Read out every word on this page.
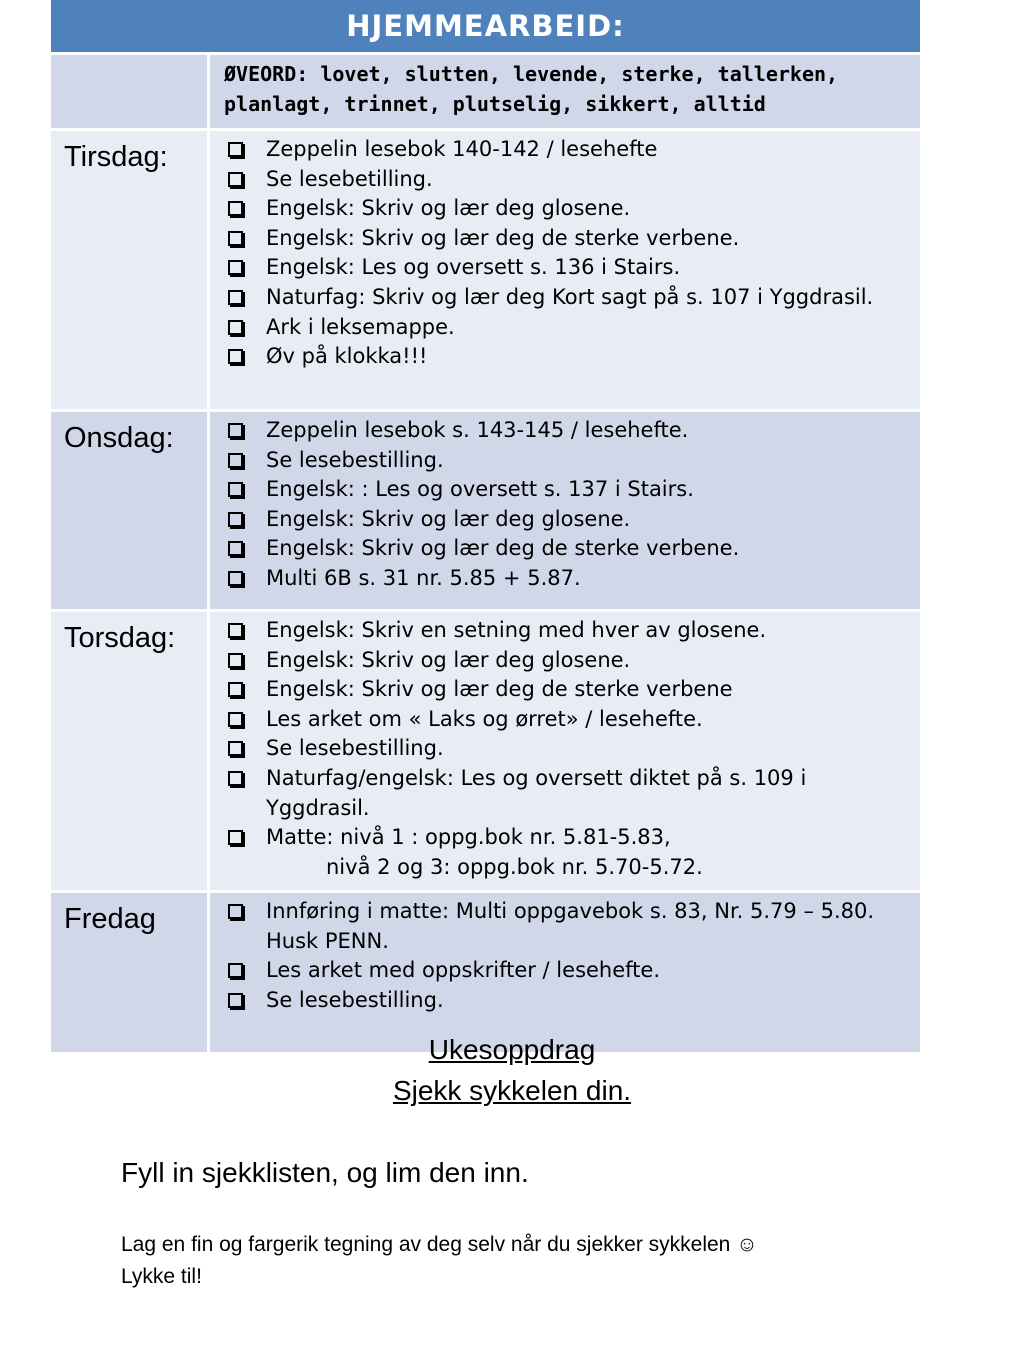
HJEMMEARBEID:
ØVEORD: lovet, slutten, levende, sterke, tallerken,
planlagt, trinnet, plutselig, sikkert, alltid
Tirsdag:	Zeppelin lesebok 140-142 / lesehefte
Se lesebetilling.
Engelsk: Skriv og lær deg glosene.
Engelsk: Skriv og lær deg de sterke verbene.
Engelsk: Les og oversett s. 136 i Stairs.
Naturfag: Skriv og lær deg Kort sagt på s. 107 i Yggdrasil.
Ark i leksemappe.
Øv på klokka!!!
Onsdag:	Zeppelin lesebok s. 143-145 / lesehefte.
Se lesebestilling.
Engelsk: : Les og oversett s. 137 i Stairs.
Engelsk: Skriv og lær deg glosene.
Engelsk: Skriv og lær deg de sterke verbene.
Multi 6B s. 31 nr. 5.85 + 5.87.
Torsdag:	Engelsk: Skriv en setning med hver av glosene.
Engelsk: Skriv og lær deg glosene.
Engelsk: Skriv og lær deg de sterke verbene
Les arket om « Laks og ørret» / lesehefte.
Se lesebestilling.
Naturfag/engelsk: Les og oversett diktet på s. 109 i Yggdrasil.
Matte: nivå 1 : oppg.bok nr. 5.81-5.83,
nivå 2 og 3: oppg.bok nr. 5.70-5.72.
Fredag	Innføring i matte: Multi oppgavebok s. 83, Nr. 5.79 – 5.80. Husk PENN.
Les arket med oppskrifter / lesehefte.
Se lesebestilling.
Ukesoppdrag
Sjekk sykkelen din.
Fyll in sjekklisten, og lim den inn.
Lag en fin og fargerik tegning av deg selv når du sjekker sykkelen ☺
Lykke til!
